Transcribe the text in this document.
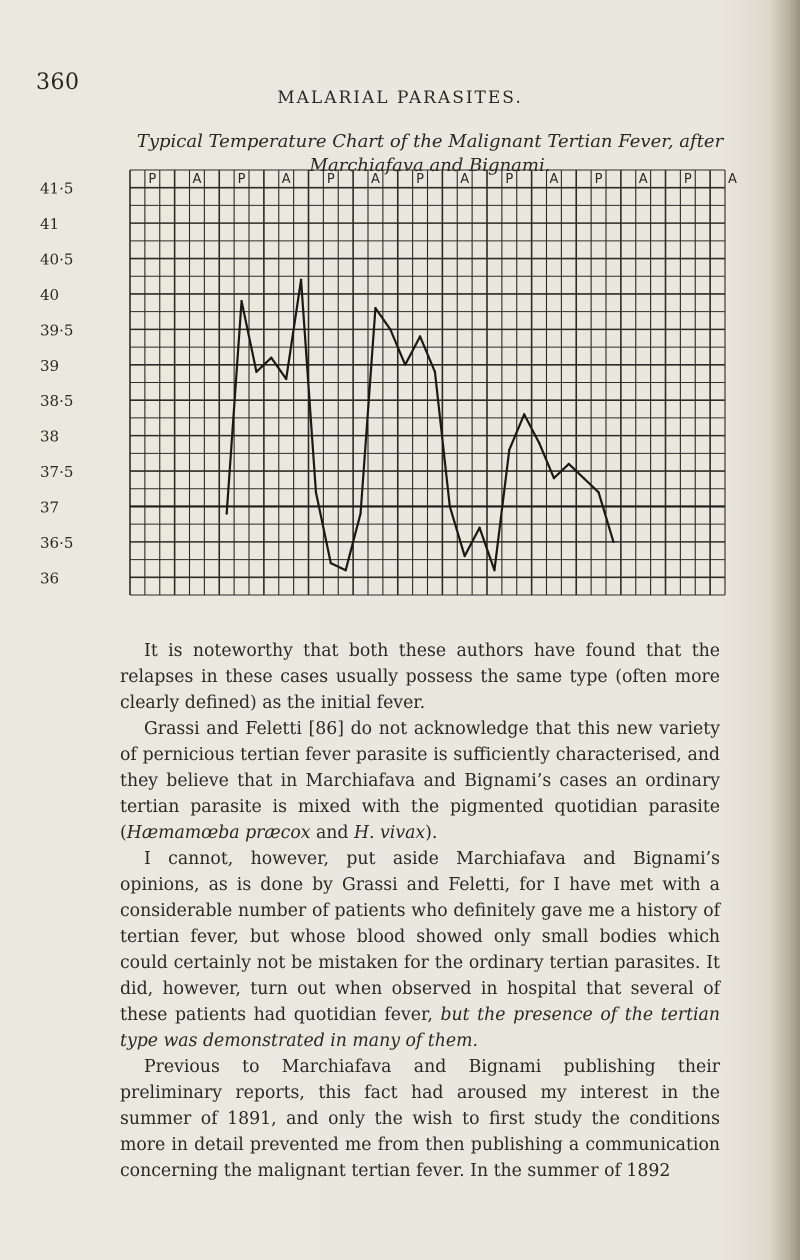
360
MALARIAL PARASITES.
Typical Temperature Chart of the Malignant Tertian Fever, after
Marchiafava and Bignami.
41·5
41
40·5
40
39·5
39
38·5
38
37·5
37
36·5
36
P	A	P	A	P	A	P	A	P	A	P	A	P	A

It is noteworthy that both these authors have found that the relapses in these cases usually possess the same type (often more clearly defined) as the initial fever.

Grassi and Feletti [86] do not acknowledge that this new variety of pernicious tertian fever parasite is sufficiently characterised, and they believe that in Marchiafava and Bignami’s cases an ordinary tertian parasite is mixed with the pigmented quotidian parasite (Hæmamœba præcox and H. vivax).

I cannot, however, put aside Marchiafava and Bignami’s opinions, as is done by Grassi and Feletti, for I have met with a considerable number of patients who definitely gave me a history of tertian fever, but whose blood showed only small bodies which could certainly not be mistaken for the ordinary tertian parasites. It did, however, turn out when observed in hospital that several of these patients had quotidian fever, but the presence of the tertian type was demonstrated in many of them.

Previous to Marchiafava and Bignami publishing their preliminary reports, this fact had aroused my interest in the summer of 1891, and only the wish to first study the conditions more in detail prevented me from then publishing a communication concerning the malignant tertian fever. In the summer of 1892
